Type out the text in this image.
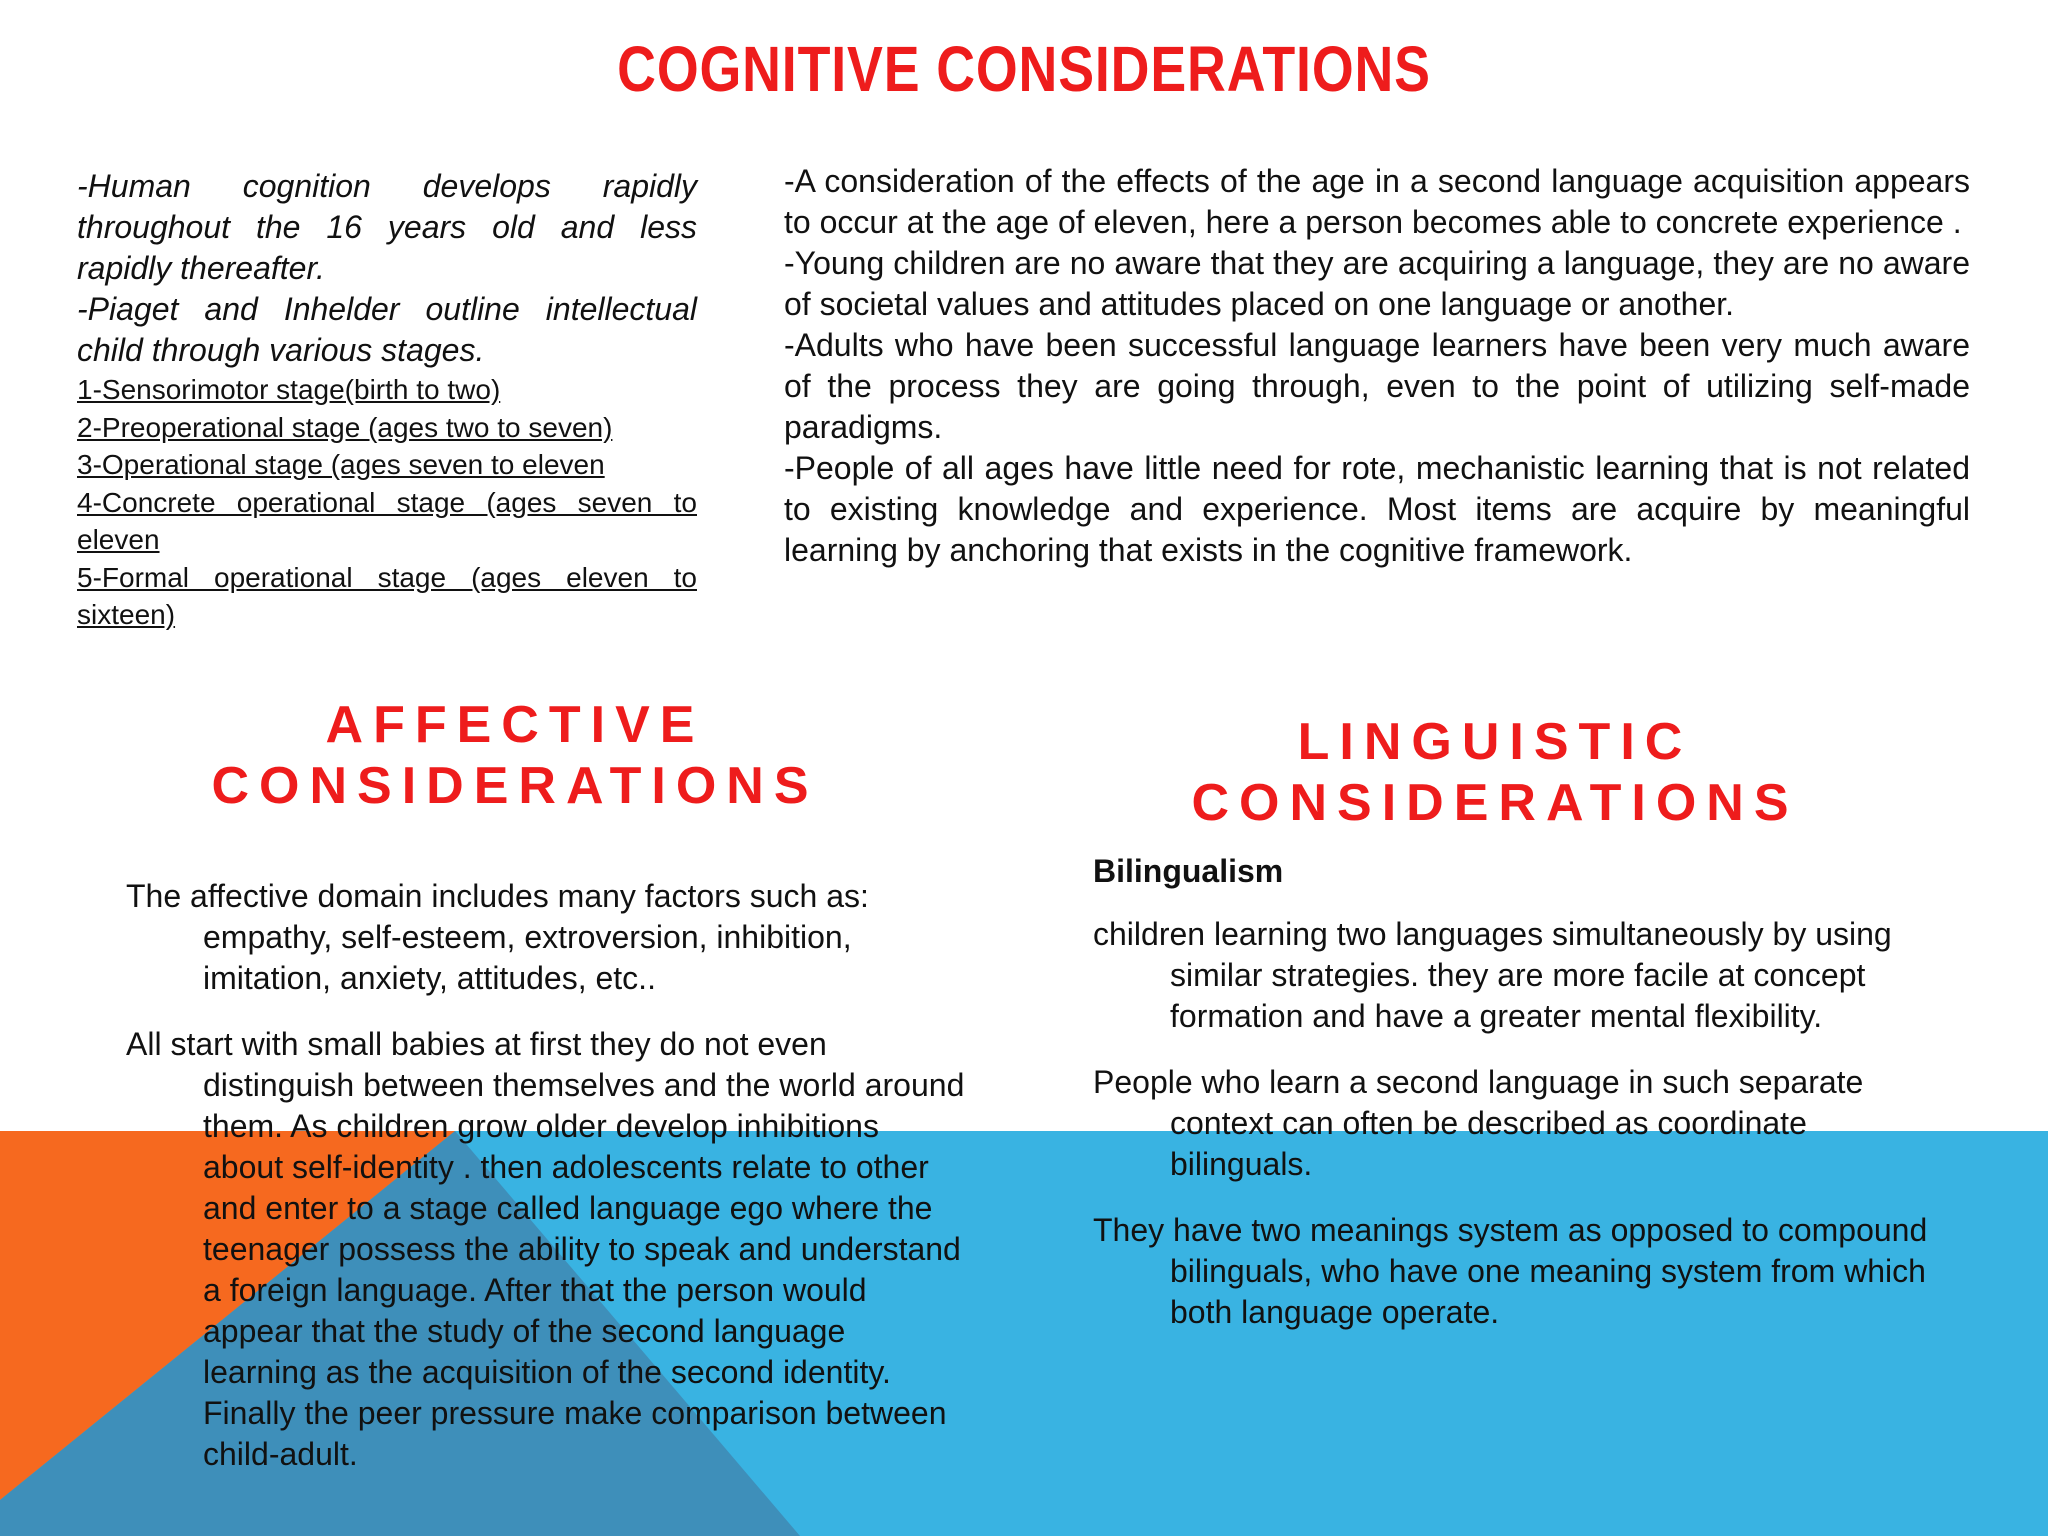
COGNITIVE CONSIDERATIONS

-Human cognition develops rapidly throughout the 16 years old and less rapidly thereafter.

-Piaget and Inhelder outline intellectual child through various stages.

1-Sensorimotor stage(birth to two)
2-Preoperational stage (ages two to seven)
3-Operational stage (ages seven to eleven
4-Concrete operational stage (ages seven to eleven
5-Formal operational stage (ages eleven to sixteen)

-A consideration of the effects of the age in a second language acquisition appears to occur at the age of eleven, here a person becomes able to concrete experience .

-Young children are no aware that they are acquiring a language, they are no aware of societal values and attitudes placed on one language or another.

-Adults who have been successful language learners have been very much aware of the process they are going through, even to the point of utilizing self-made paradigms.

-People of all ages have little need for rote, mechanistic learning that is not related to existing knowledge and experience. Most items are acquire by meaningful learning by anchoring that exists in the cognitive framework.

AFFECTIVE
CONSIDERATIONS
LINGUISTIC
CONSIDERATIONS

The affective domain includes many factors such as: empathy, self-esteem, extroversion, inhibition, imitation, anxiety, attitudes, etc..

All start with small babies at first they do not even distinguish between themselves and the world around them. As children grow older develop inhibitions about self-identity . then adolescents relate to other and enter to a stage called language ego where the teenager possess the ability to speak and understand a foreign language. After that the person would appear that the study of the second language learning as the acquisition of the second identity. Finally the peer pressure make comparison between child-adult.

Bilingualism

children learning two languages simultaneously by using similar strategies. they are more facile at concept formation and have a greater mental flexibility.

People who learn a second language in such separate context can often be described as coordinate bilinguals.

They have two meanings system as opposed to compound bilinguals, who have one meaning system from which both language operate.
